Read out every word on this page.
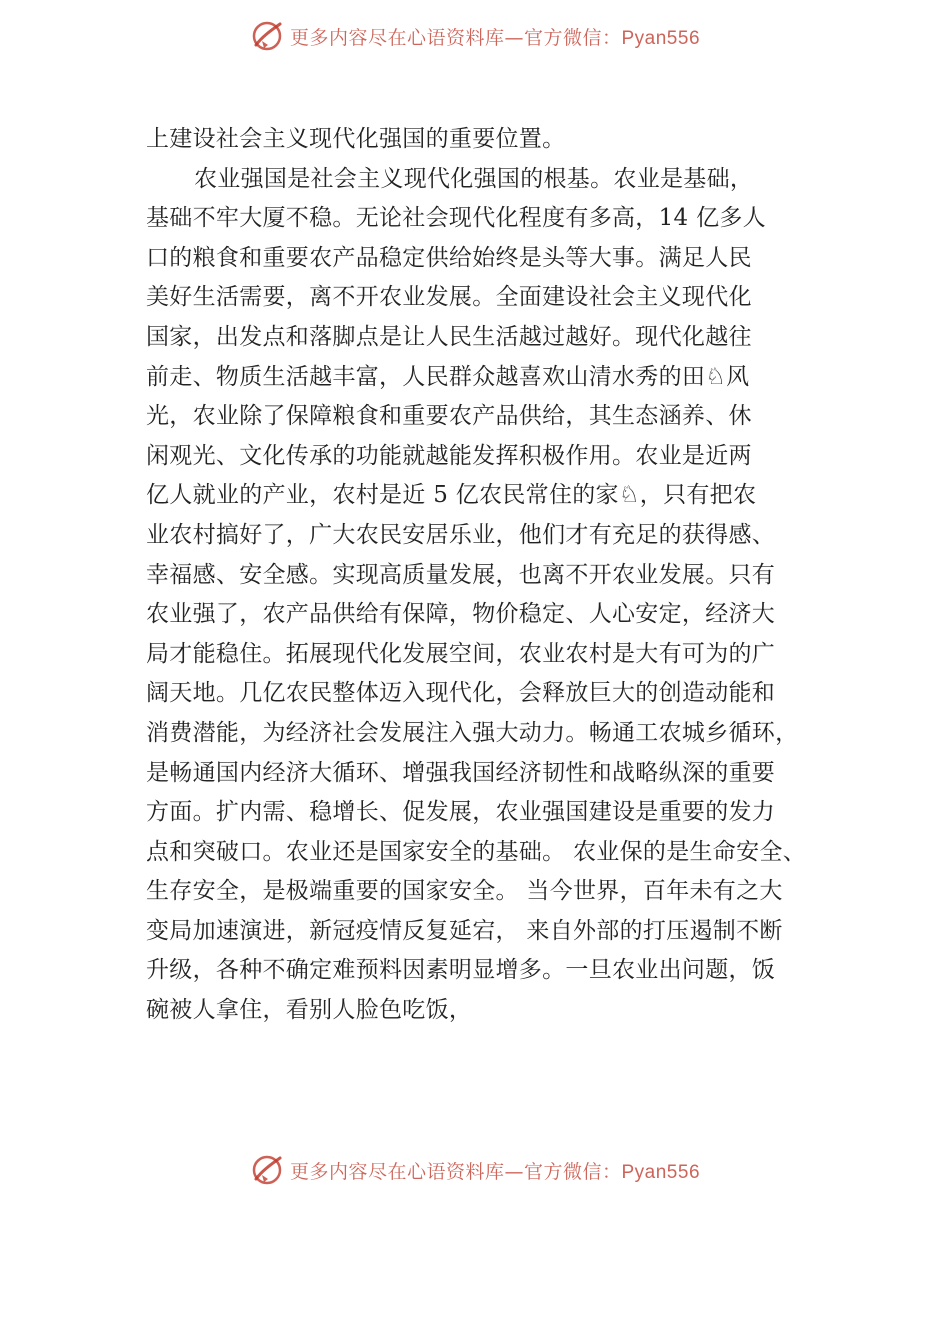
更多内容尽在心语资料库—官方微信：Pyan556
上建设社会主义现代化强国的重要位置。
农业强国是社会主义现代化强国的根基。农业是基础，
基础不牢大厦不稳。无论社会现代化程度有多高，14 亿多人
口的粮食和重要农产品稳定供给始终是头等大事。满足人民
美好生活需要，离不开农业发展。全面建设社会主义现代化
国家，出发点和落脚点是让人民生活越过越好。现代化越往
前走、物质生活越丰富，人民群众越喜欢山清水秀的田♘风
光，农业除了保障粮食和重要农产品供给，其生态涵养、休
闲观光、文化传承的功能就越能发挥积极作用。农业是近两
亿人就业的产业，农村是近 5 亿农民常住的家♘，只有把农
业农村搞好了，广大农民安居乐业，他们才有充足的获得感、
幸福感、安全感。实现高质量发展，也离不开农业发展。只有
农业强了，农产品供给有保障，物价稳定、人心安定，经济大
局才能稳住。拓展现代化发展空间，农业农村是大有可为的广
阔天地。几亿农民整体迈入现代化，会释放巨大的创造动能和
消费潜能，为经济社会发展注入强大动力。畅通工农城乡循环，
是畅通国内经济大循环、增强我国经济韧性和战略纵深的重要
方面。扩内需、稳增长、促发展，农业强国建设是重要的发力
点和突破口。农业还是国家安全的基础。 农业保的是生命安全、
生存安全，是极端重要的国家安全。 当今世界，百年未有之大
变局加速演进，新冠疫情反复延宕， 来自外部的打压遏制不断
升级，各种不确定难预料因素明显增多。一旦农业出问题，饭
碗被人拿住，看别人脸色吃饭，
更多内容尽在心语资料库—官方微信：Pyan556
